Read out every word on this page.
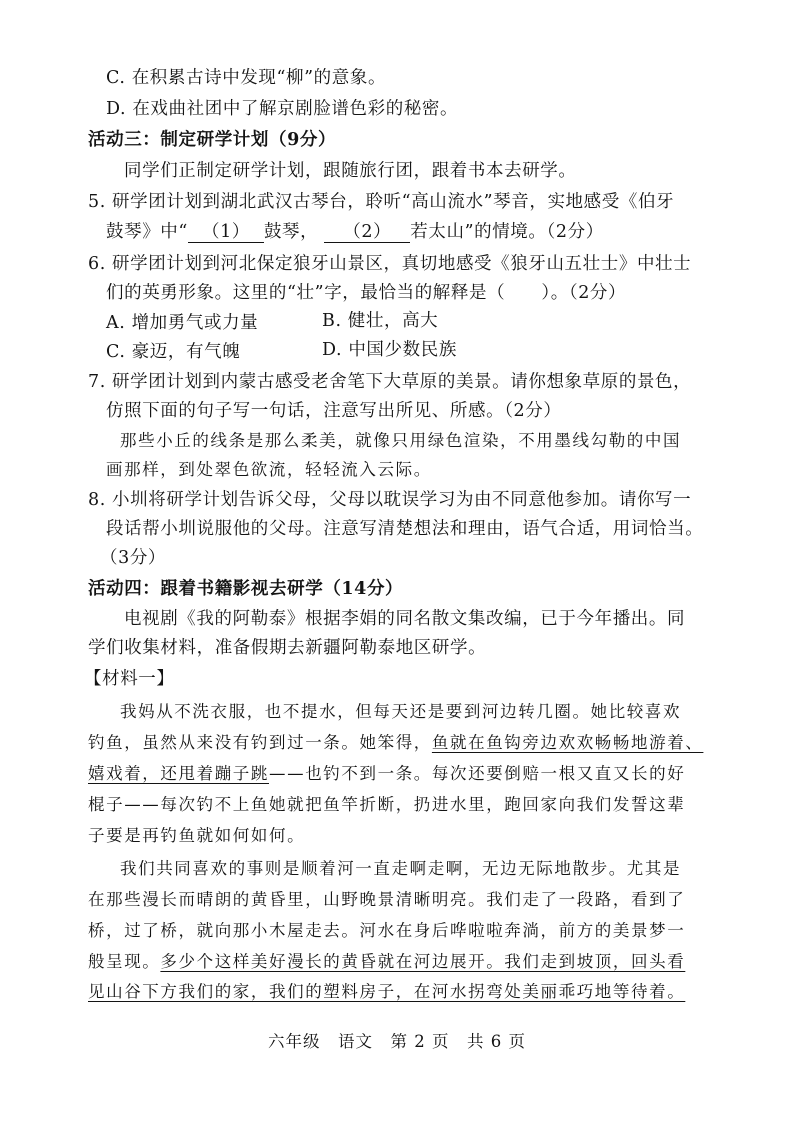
C. 在积累古诗中发现“柳”的意象。
D. 在戏曲社团中了解京剧脸谱色彩的秘密。
活动三：制定研学计划（9分）
同学们正制定研学计划，跟随旅行团，跟着书本去研学。
5. 研学团计划到湖北武汉古琴台，聆听“高山流水”琴音，实地感受《伯牙
鼓琴》中“ （1） 鼓琴， （2） 若太山”的情境。（2分）
6. 研学团计划到河北保定狼牙山景区，真切地感受《狼牙山五壮士》中壮士
们的英勇形象。这里的“壮”字，最恰当的解释是（　　）。（2分）
A. 增加勇气或力量	B. 健壮，高大
C. 豪迈，有气魄	D. 中国少数民族
7. 研学团计划到内蒙古感受老舍笔下大草原的美景。请你想象草原的景色，
仿照下面的句子写一句话，注意写出所见、所感。（2分）
那些小丘的线条是那么柔美，就像只用绿色渲染，不用墨线勾勒的中国
画那样，到处翠色欲流，轻轻流入云际。
8. 小圳将研学计划告诉父母，父母以耽误学习为由不同意他参加。请你写一
段话帮小圳说服他的父母。注意写清楚想法和理由，语气合适，用词恰当。
（3分）
活动四：跟着书籍影视去研学（14分）
电视剧《我的阿勒泰》根据李娟的同名散文集改编，已于今年播出。同
学们收集材料，准备假期去新疆阿勒泰地区研学。
【材料一】
我妈从不洗衣服，也不提水，但每天还是要到河边转几圈。她比较喜欢
钓鱼，虽然从来没有钓到过一条。她笨得，鱼就在鱼钩旁边欢欢畅畅地游着、
嬉戏着，还甩着蹦子跳——也钓不到一条。每次还要倒赔一根又直又长的好
棍子——每次钓不上鱼她就把鱼竿折断，扔进水里，跑回家向我们发誓这辈
子要是再钓鱼就如何如何。
我们共同喜欢的事则是顺着河一直走啊走啊，无边无际地散步。尤其是
在那些漫长而晴朗的黄昏里，山野晚景清晰明亮。我们走了一段路，看到了
桥，过了桥，就向那小木屋走去。河水在身后哗啦啦奔淌，前方的美景梦一
般呈现。多少个这样美好漫长的黄昏就在河边展开。我们走到坡顶，回头看
见山谷下方我们的家，我们的塑料房子，在河水拐弯处美丽乖巧地等待着。
六年级　语文　第 2 页　共 6 页
